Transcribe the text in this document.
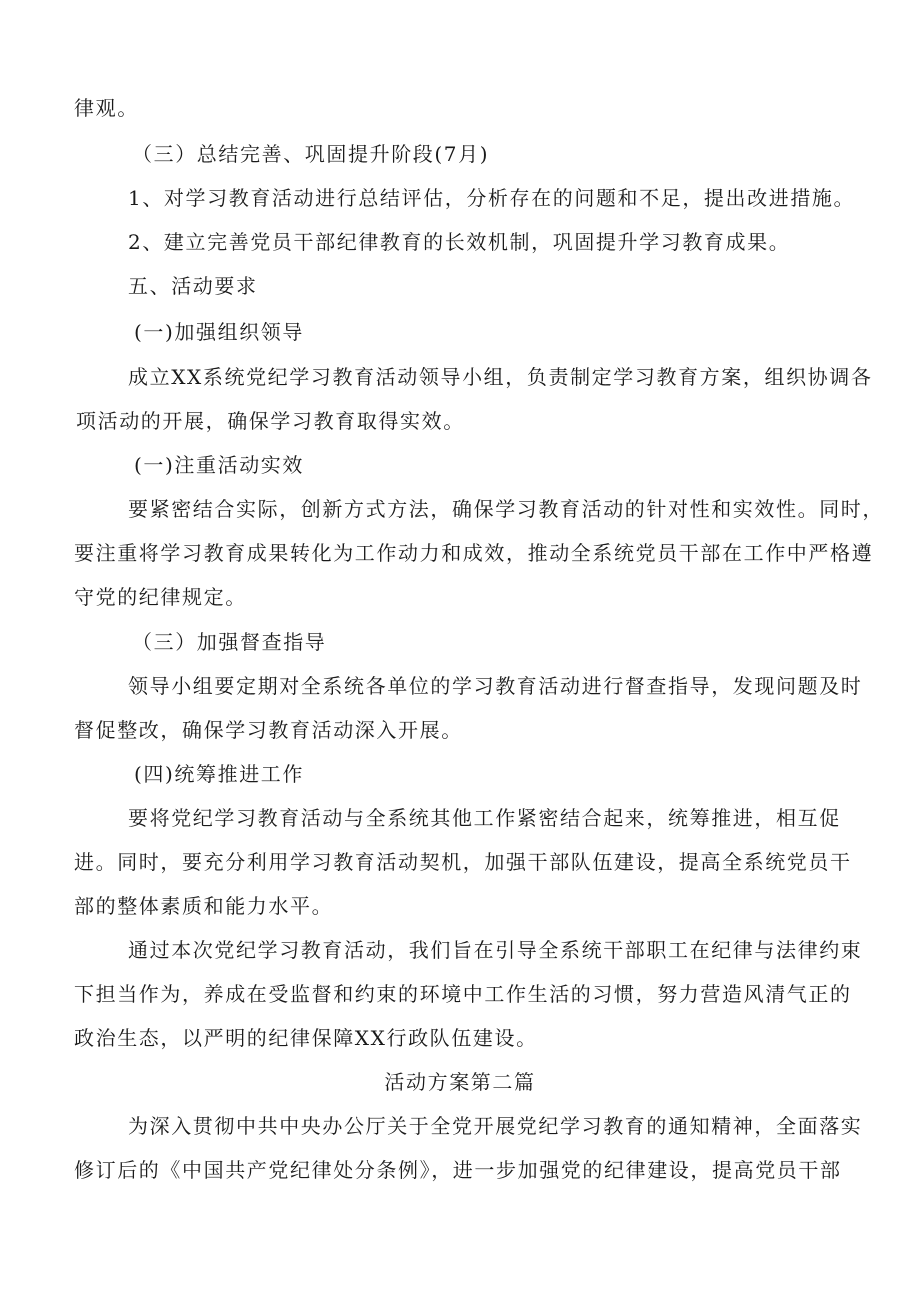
律观。
（三）总结完善、巩固提升阶段(7月)
1、对学习教育活动进行总结评估，分析存在的问题和不足，提出改进措施。
2、建立完善党员干部纪律教育的长效机制，巩固提升学习教育成果。
五、活动要求
(一)加强组织领导
成立XX系统党纪学习教育活动领导小组，负责制定学习教育方案，组织协调各
项活动的开展，确保学习教育取得实效。
(一)注重活动实效
要紧密结合实际，创新方式方法，确保学习教育活动的针对性和实效性。同时，
要注重将学习教育成果转化为工作动力和成效，推动全系统党员干部在工作中严格遵
守党的纪律规定。
（三）加强督查指导
领导小组要定期对全系统各单位的学习教育活动进行督查指导，发现问题及时
督促整改，确保学习教育活动深入开展。
(四)统筹推进工作
要将党纪学习教育活动与全系统其他工作紧密结合起来，统筹推进，相互促
进。同时，要充分利用学习教育活动契机，加强干部队伍建设，提高全系统党员干
部的整体素质和能力水平。
通过本次党纪学习教育活动，我们旨在引导全系统干部职工在纪律与法律约束
下担当作为，养成在受监督和约束的环境中工作生活的习惯，努力营造风清气正的
政治生态，以严明的纪律保障XX行政队伍建设。
活动方案第二篇
为深入贯彻中共中央办公厅关于全党开展党纪学习教育的通知精神，全面落实
修订后的《中国共产党纪律处分条例》，进一步加强党的纪律建设，提高党员干部
